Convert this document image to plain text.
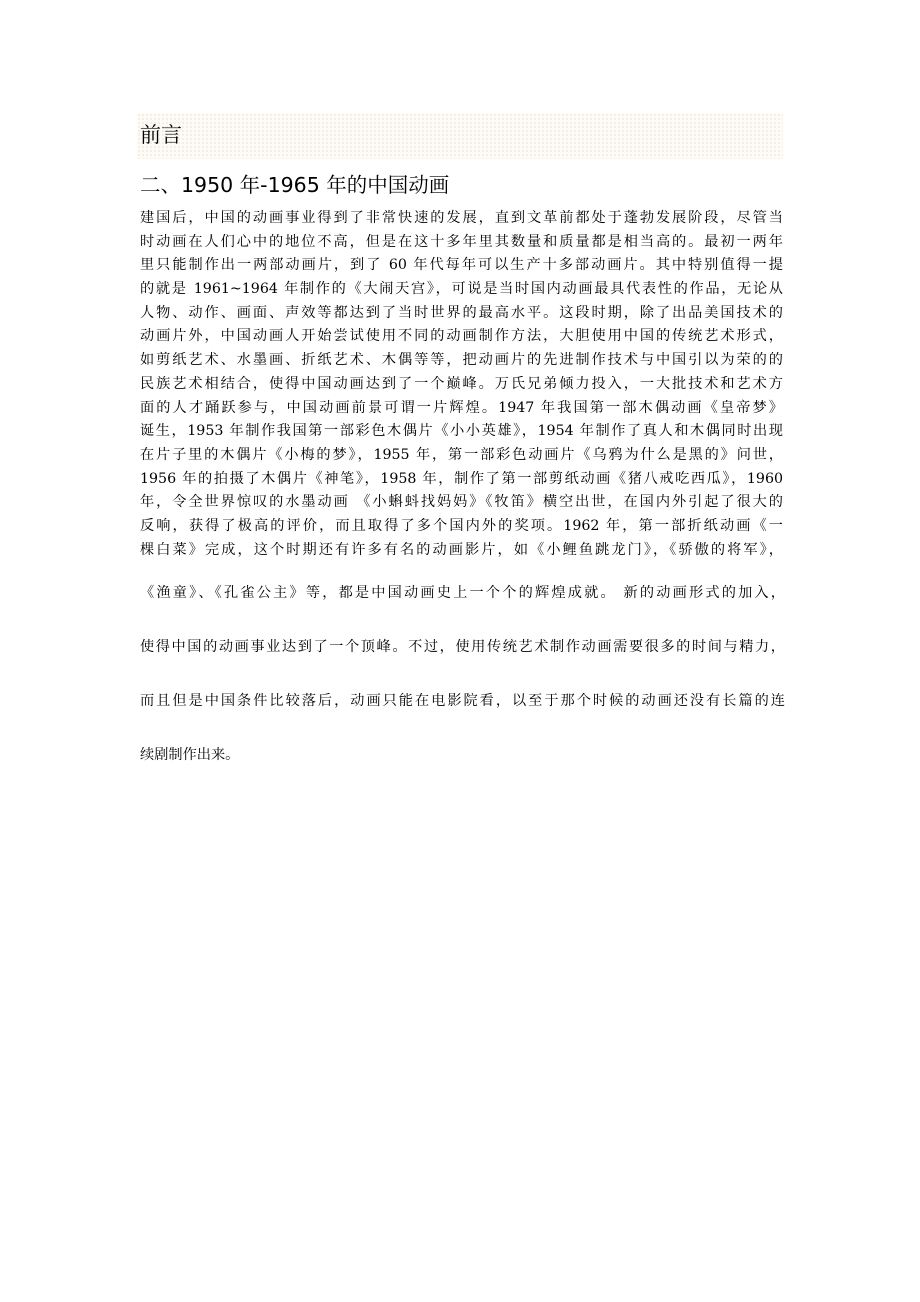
前言
二、1950 年-1965 年的中国动画

建国后，中国的动画事业得到了非常快速的发展，直到文革前都处于蓬勃发展阶段，尽管当
时动画在人们心中的地位不高，但是在这十多年里其数量和质量都是相当高的。最初一两年
里只能制作出一两部动画片，到了 60 年代每年可以生产十多部动画片。其中特别值得一提
的就是 1961~1964 年制作的《大闹天宫》，可说是当时国内动画最具代表性的作品，无论从
人物、动作、画面、声效等都达到了当时世界的最高水平。这段时期，除了出品美国技术的
动画片外，中国动画人开始尝试使用不同的动画制作方法，大胆使用中国的传统艺术形式，
如剪纸艺术、水墨画、折纸艺术、木偶等等，把动画片的先进制作技术与中国引以为荣的的
民族艺术相结合，使得中国动画达到了一个巅峰。万氏兄弟倾力投入，一大批技术和艺术方
面的人才踊跃参与，中国动画前景可谓一片辉煌。1947 年我国第一部木偶动画《皇帝梦》
诞生，1953 年制作我国第一部彩色木偶片《小小英雄》，1954 年制作了真人和木偶同时出现
在片子里的木偶片《小梅的梦》，1955 年，第一部彩色动画片《乌鸦为什么是黑的》问世，
1956 年的拍摄了木偶片《神笔》，1958 年，制作了第一部剪纸动画《猪八戒吃西瓜》，1960
年，令全世界惊叹的水墨动画 《小蝌蚪找妈妈》《牧笛》横空出世，在国内外引起了很大的
反响，获得了极高的评价，而且取得了多个国内外的奖项。1962 年，第一部折纸动画《一
棵白菜》完成，这个时期还有许多有名的动画影片，如《小鲤鱼跳龙门》，《骄傲的将军》，

《渔童》、《孔雀公主》等，都是中国动画史上一个个的辉煌成就。 新的动画形式的加入，
使得中国的动画事业达到了一个顶峰。不过，使用传统艺术制作动画需要很多的时间与精力，
而且但是中国条件比较落后，动画只能在电影院看，以至于那个时候的动画还没有长篇的连
续剧制作出来。
